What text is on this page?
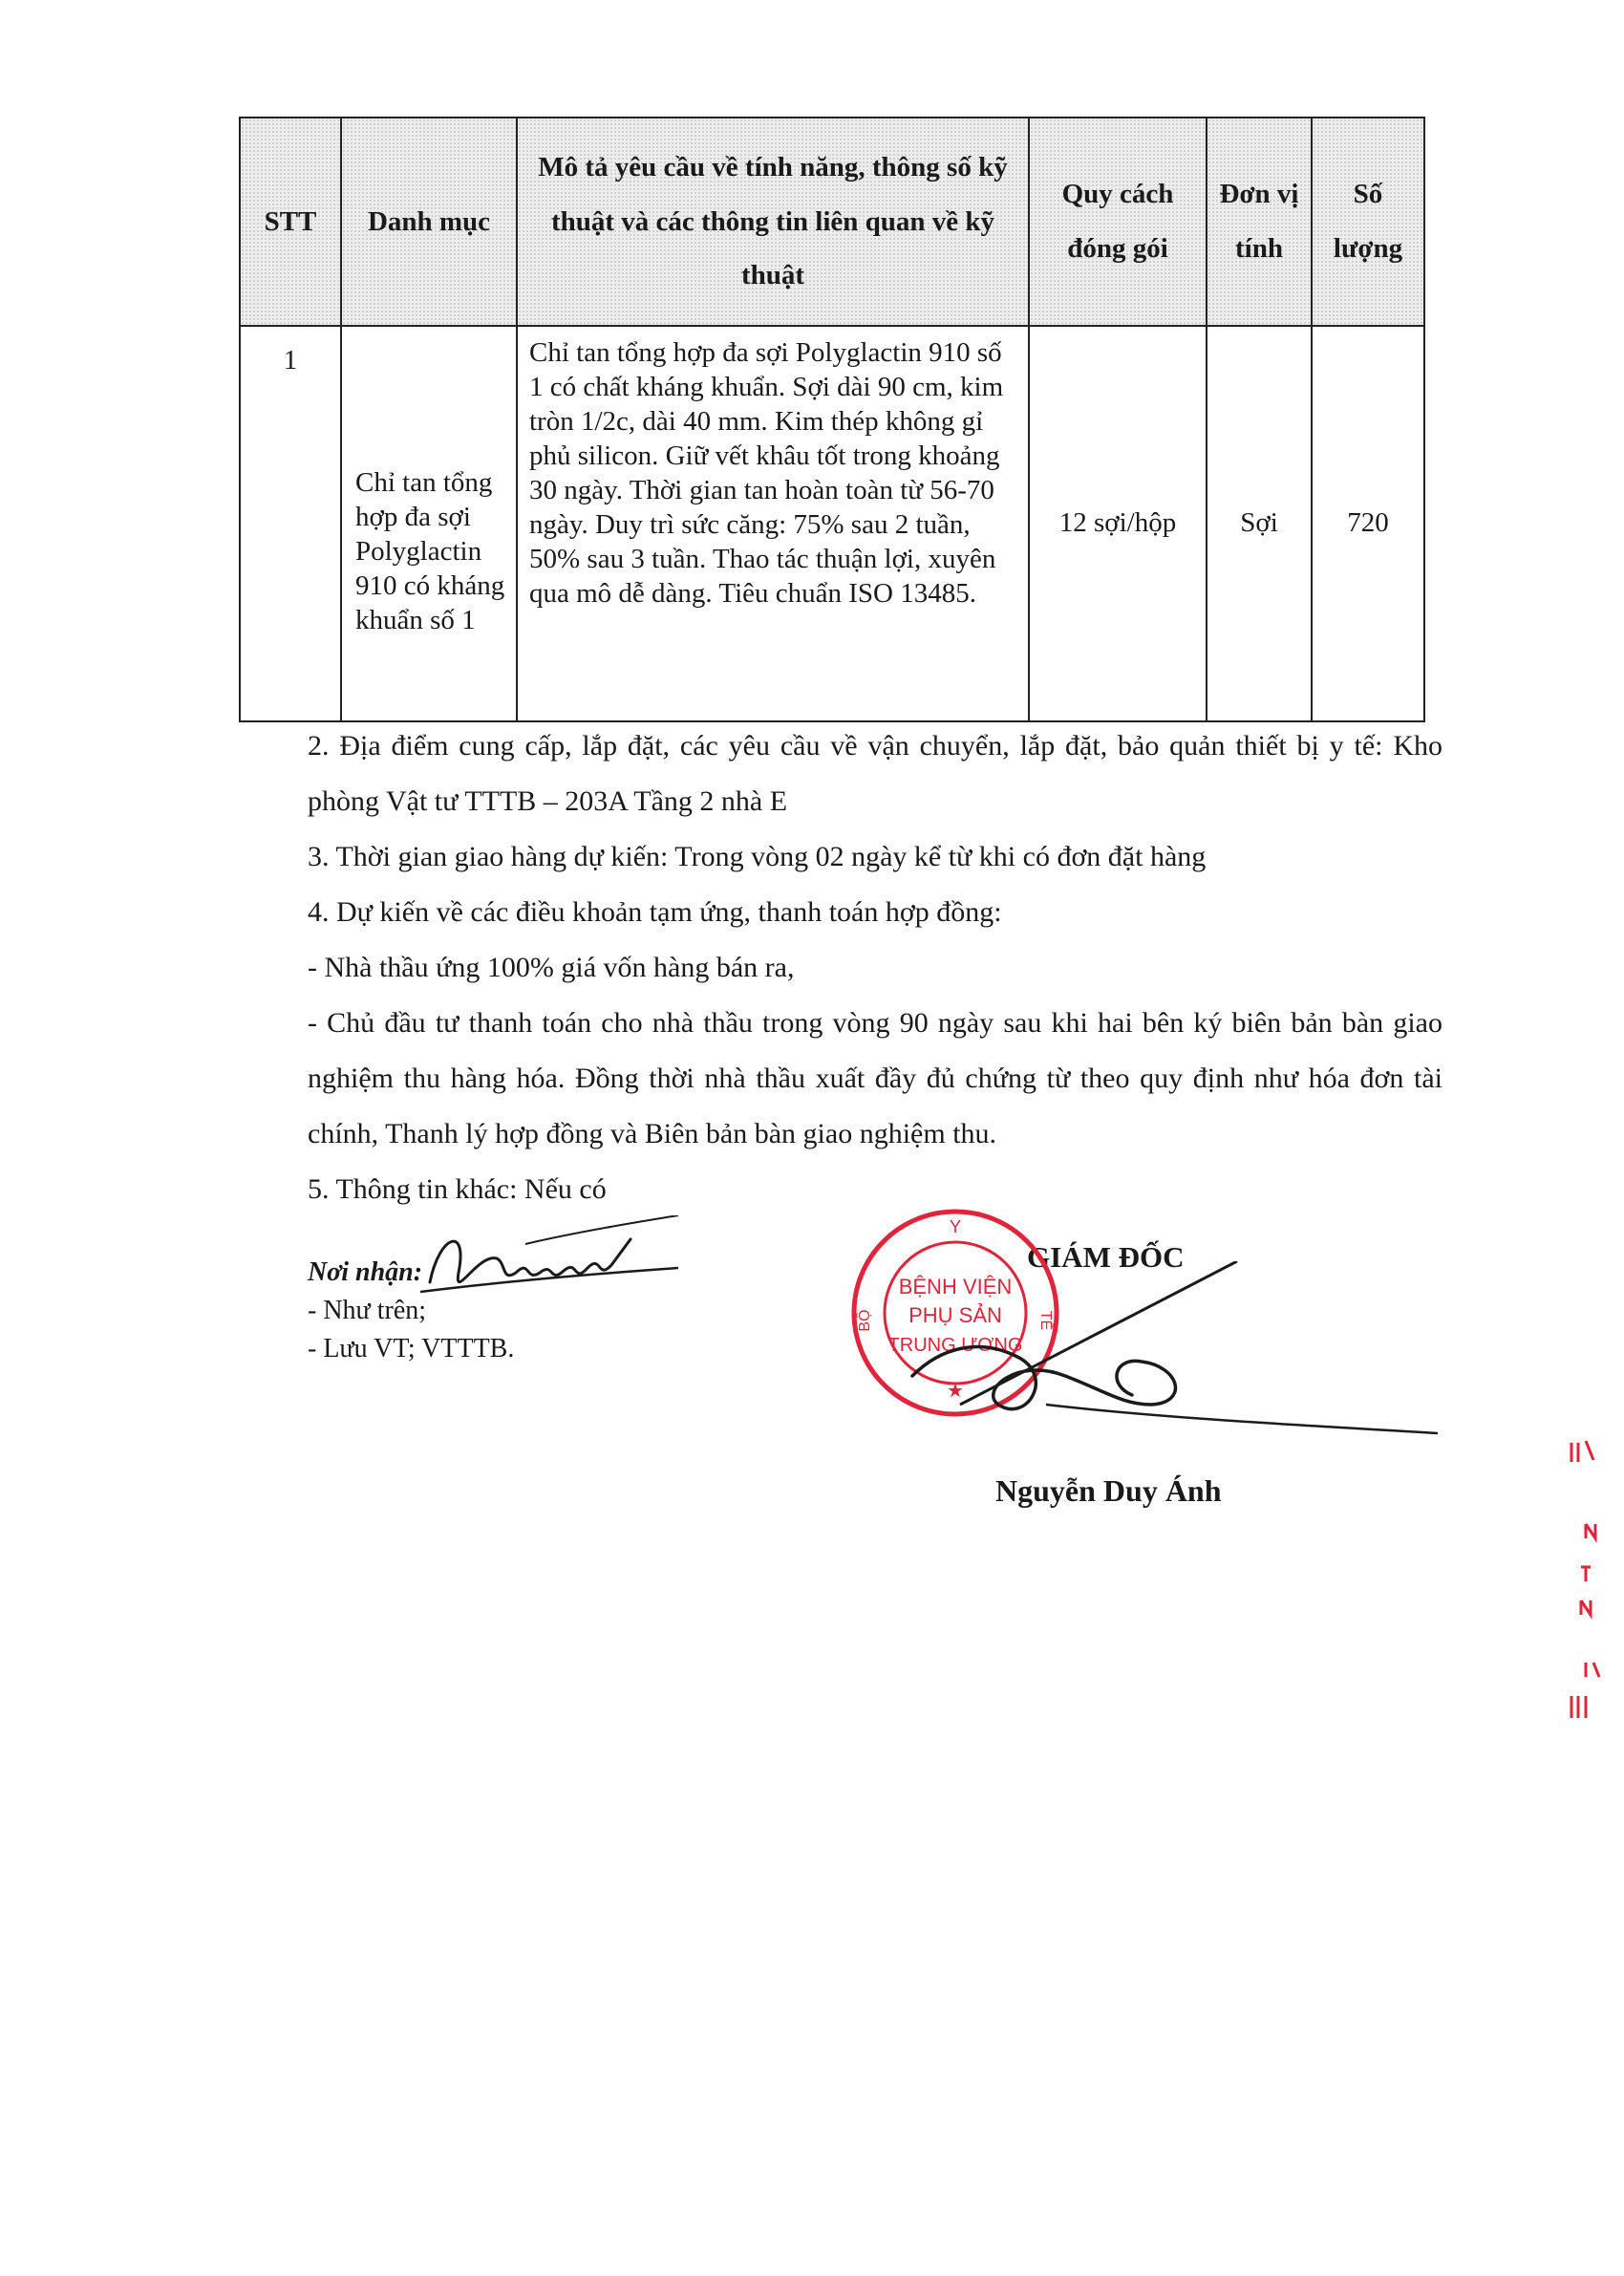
STT	Danh mục	Mô tả yêu cầu về tính năng, thông số kỹ thuật và các thông tin liên quan về kỹ thuật	Quy cách đóng gói	Đơn vị tính	Số lượng
1	Chỉ tan tổng hợp đa sợi Polyglactin 910 có kháng khuẩn số 1	Chỉ tan tổng hợp đa sợi Polyglactin 910 số 1 có chất kháng khuẩn. Sợi dài 90 cm, kim tròn 1/2c, dài 40 mm. Kim thép không gỉ phủ silicon. Giữ vết khâu tốt trong khoảng 30 ngày. Thời gian tan hoàn toàn từ 56-70 ngày. Duy trì sức căng: 75% sau 2 tuần, 50% sau 3 tuần. Thao tác thuận lợi, xuyên qua mô dễ dàng. Tiêu chuẩn ISO 13485.	12 sợi/hộp	Sợi	720

2. Địa điểm cung cấp, lắp đặt, các yêu cầu về vận chuyển, lắp đặt, bảo quản thiết bị y tế: Kho phòng Vật tư TTTB – 203A Tầng 2 nhà E

3. Thời gian giao hàng dự kiến: Trong vòng 02 ngày kể từ khi có đơn đặt hàng

4. Dự kiến về các điều khoản tạm ứng, thanh toán hợp đồng:

- Nhà thầu ứng 100% giá vốn hàng bán ra,

- Chủ đầu tư thanh toán cho nhà thầu trong vòng 90 ngày sau khi hai bên ký biên bản bàn giao nghiệm thu hàng hóa. Đồng thời nhà thầu xuất đầy đủ chứng từ theo quy định như hóa đơn tài chính, Thanh lý hợp đồng và Biên bản bàn giao nghiệm thu.

5. Thông tin khác: Nếu có

Nơi nhận:
- Như trên;
- Lưu VT; VTTTB.
GIÁM ĐỐC
Y
BỘ	TẾ
BỆNH VIỆN
PHỤ SẢN
TRUNG ƯƠNG
★
Nguyễn Duy Ánh
